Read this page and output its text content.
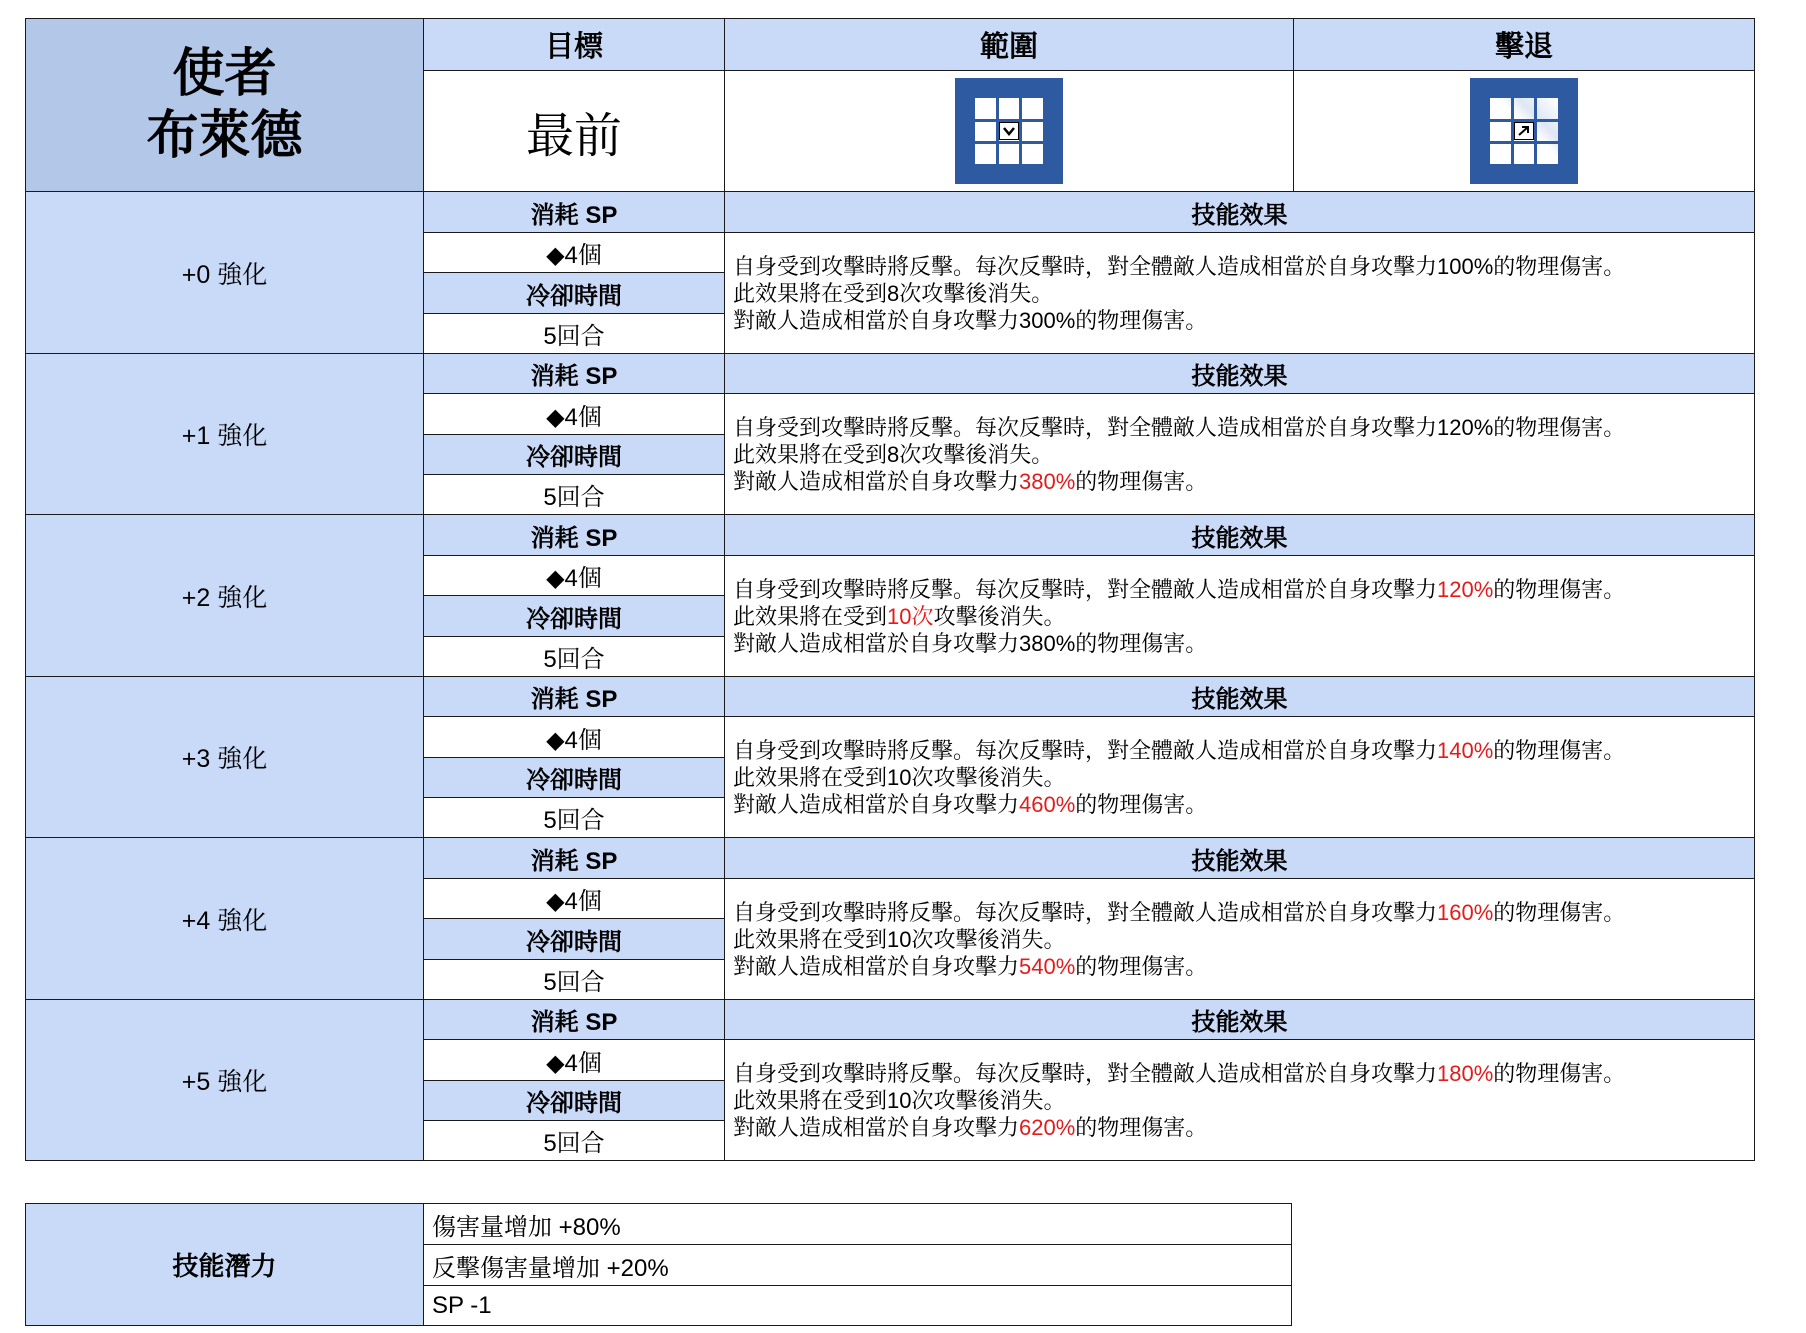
使者
布萊德
目標	範圍	擊退
最前
+0 強化
消耗 SP
◆4個
冷卻時間
5回合
技能效果
自身受到攻擊時將反擊。每次反擊時，對全體敵人造成相當於自身攻擊力100%的物理傷害。
此效果將在受到8次攻擊後消失。
對敵人造成相當於自身攻擊力300%的物理傷害。
+1 強化
消耗 SP
◆4個
冷卻時間
5回合
技能效果
自身受到攻擊時將反擊。每次反擊時，對全體敵人造成相當於自身攻擊力120%的物理傷害。
此效果將在受到8次攻擊後消失。
對敵人造成相當於自身攻擊力380%的物理傷害。
+2 強化
消耗 SP
◆4個
冷卻時間
5回合
技能效果
自身受到攻擊時將反擊。每次反擊時，對全體敵人造成相當於自身攻擊力120%的物理傷害。
此效果將在受到10次攻擊後消失。
對敵人造成相當於自身攻擊力380%的物理傷害。
+3 強化
消耗 SP
◆4個
冷卻時間
5回合
技能效果
自身受到攻擊時將反擊。每次反擊時，對全體敵人造成相當於自身攻擊力140%的物理傷害。
此效果將在受到10次攻擊後消失。
對敵人造成相當於自身攻擊力460%的物理傷害。
+4 強化
消耗 SP
◆4個
冷卻時間
5回合
技能效果
自身受到攻擊時將反擊。每次反擊時，對全體敵人造成相當於自身攻擊力160%的物理傷害。
此效果將在受到10次攻擊後消失。
對敵人造成相當於自身攻擊力540%的物理傷害。
+5 強化
消耗 SP
◆4個
冷卻時間
5回合
技能效果
自身受到攻擊時將反擊。每次反擊時，對全體敵人造成相當於自身攻擊力180%的物理傷害。
此效果將在受到10次攻擊後消失。
對敵人造成相當於自身攻擊力620%的物理傷害。
技能潛力
傷害量增加 +80%
反擊傷害量增加 +20%
SP -1
